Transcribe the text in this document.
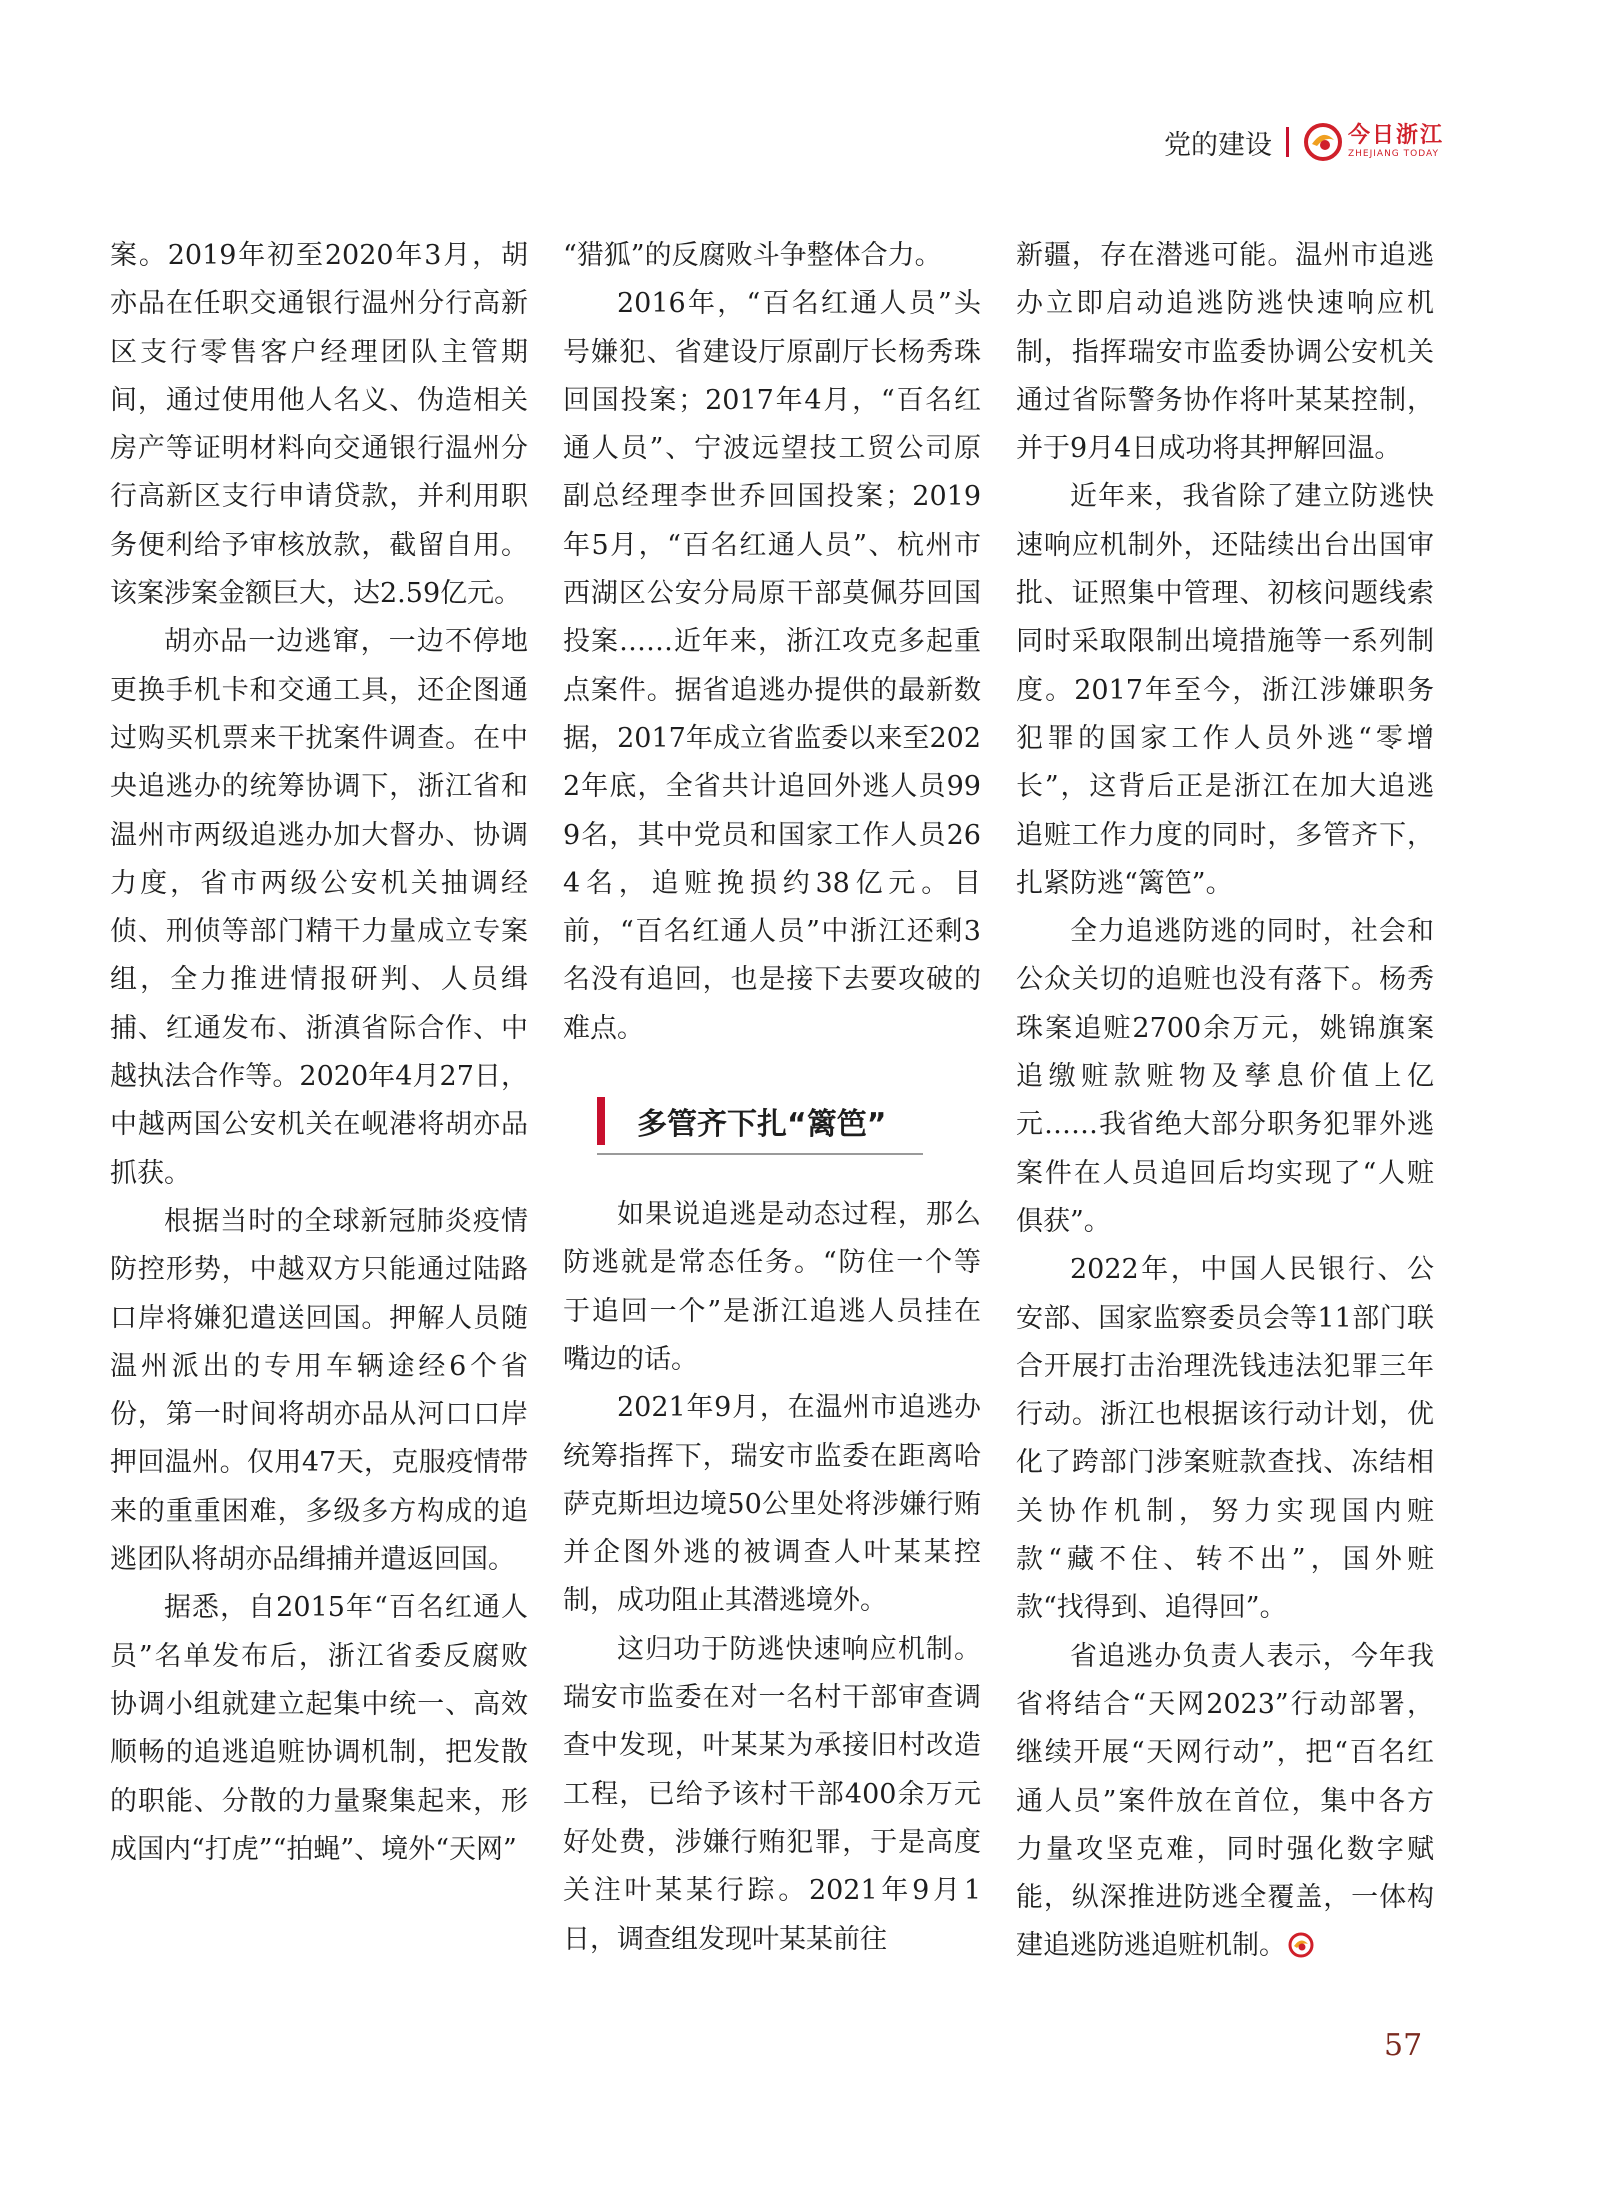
党的建设	今日浙江
ZHEJIANG TODAY

案。2019年初至2020年3月，胡亦品在任职交通银行温州分行高新区支行零售客户经理团队主管期间，通过使用他人名义、伪造相关房产等证明材料向交通银行温州分行高新区支行申请贷款，并利用职务便利给予审核放款，截留自用。该案涉案金额巨大，达2.59亿元。

胡亦品一边逃窜，一边不停地更换手机卡和交通工具，还企图通过购买机票来干扰案件调查。在中央追逃办的统筹协调下，浙江省和温州市两级追逃办加大督办、协调力度，省市两级公安机关抽调经侦、刑侦等部门精干力量成立专案组，全力推进情报研判、人员缉捕、红通发布、浙滇省际合作、中越执法合作等。2020年4月27日，中越两国公安机关在岘港将胡亦品抓获。

根据当时的全球新冠肺炎疫情防控形势，中越双方只能通过陆路口岸将嫌犯遣送回国。押解人员随温州派出的专用车辆途经6个省份，第一时间将胡亦品从河口口岸押回温州。仅用47天，克服疫情带来的重重困难，多级多方构成的追逃团队将胡亦品缉捕并遣返回国。

据悉，自2015年“百名红通人员”名单发布后，浙江省委反腐败协调小组就建立起集中统一、高效顺畅的追逃追赃协调机制，把发散的职能、分散的力量聚集起来，形成国内“打虎”“拍蝇”、境外“天网”

“猎狐”的反腐败斗争整体合力。

2016年，“百名红通人员”头号嫌犯、省建设厅原副厅长杨秀珠回国投案；2017年4月，“百名红通人员”、宁波远望技工贸公司原副总经理李世乔回国投案；2019年5月，“百名红通人员”、杭州市西湖区公安分局原干部莫佩芬回国投案……近年来，浙江攻克多起重点案件。据省追逃办提供的最新数据，2017年成立省监委以来至2022年底，全省共计追回外逃人员999名，其中党员和国家工作人员264名，追赃挽损约38亿元。目前，“百名红通人员”中浙江还剩3名没有追回，也是接下去要攻破的难点。

多管齐下扎“篱笆”

如果说追逃是动态过程，那么防逃就是常态任务。“防住一个等于追回一个”是浙江追逃人员挂在嘴边的话。

2021年9月，在温州市追逃办统筹指挥下，瑞安市监委在距离哈萨克斯坦边境50公里处将涉嫌行贿并企图外逃的被调查人叶某某控制，成功阻止其潜逃境外。

这归功于防逃快速响应机制。瑞安市监委在对一名村干部审查调查中发现，叶某某为承接旧村改造工程，已给予该村干部400余万元好处费，涉嫌行贿犯罪，于是高度关注叶某某行踪。2021年9月1日，调查组发现叶某某前往

新疆，存在潜逃可能。温州市追逃办立即启动追逃防逃快速响应机制，指挥瑞安市监委协调公安机关通过省际警务协作将叶某某控制，并于9月4日成功将其押解回温。

近年来，我省除了建立防逃快速响应机制外，还陆续出台出国审批、证照集中管理、初核问题线索同时采取限制出境措施等一系列制度。2017年至今，浙江涉嫌职务犯罪的国家工作人员外逃“零增长”，这背后正是浙江在加大追逃追赃工作力度的同时，多管齐下，扎紧防逃“篱笆”。

全力追逃防逃的同时，社会和公众关切的追赃也没有落下。杨秀珠案追赃2700余万元，姚锦旗案追缴赃款赃物及孳息价值上亿元……我省绝大部分职务犯罪外逃案件在人员追回后均实现了“人赃俱获”。

2022年，中国人民银行、公安部、国家监察委员会等11部门联合开展打击治理洗钱违法犯罪三年行动。浙江也根据该行动计划，优化了跨部门涉案赃款查找、冻结相关协作机制，努力实现国内赃款“藏不住、转不出”，国外赃款“找得到、追得回”。

省追逃办负责人表示，今年我省将结合“天网2023”行动部署，继续开展“天网行动”，把“百名红通人员”案件放在首位，集中各方力量攻坚克难，同时强化数字赋能，纵深推进防逃全覆盖，一体构建追逃防逃追赃机制。

57
